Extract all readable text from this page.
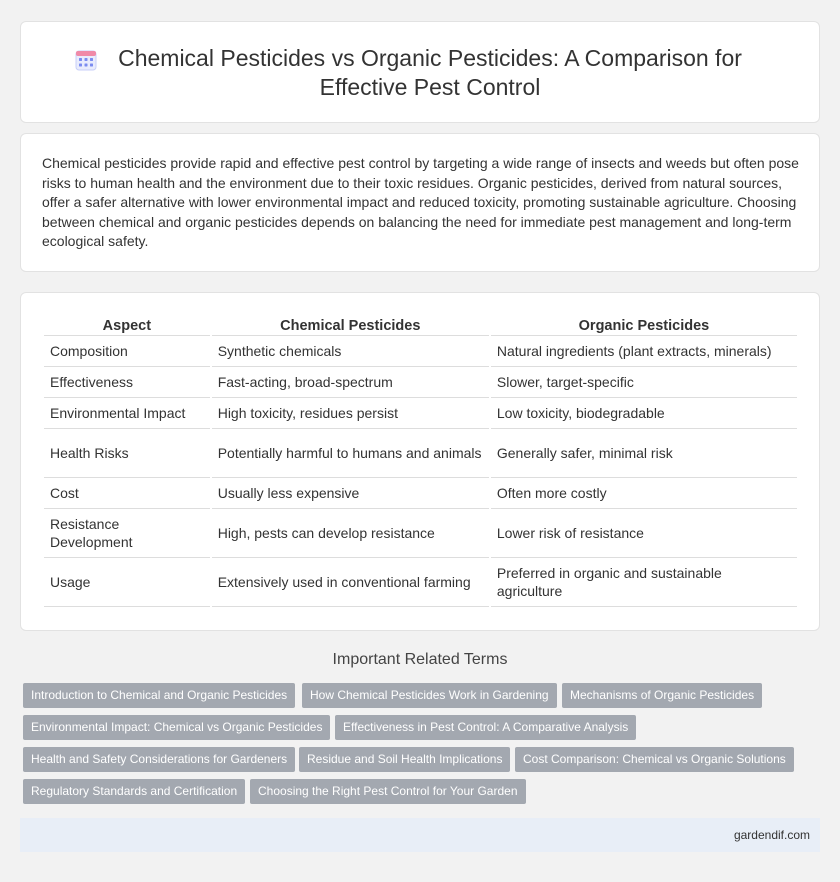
Chemical Pesticides vs Organic Pesticides: A Comparison for Effective Pest Control

Chemical pesticides provide rapid and effective pest control by targeting a wide range of insects and weeds but often pose risks to human health and the environment due to their toxic residues. Organic pesticides, derived from natural sources, offer a safer alternative with lower environmental impact and reduced toxicity, promoting sustainable agriculture. Choosing between chemical and organic pesticides depends on balancing the need for immediate pest management and long-term ecological safety.

Aspect	Chemical Pesticides	Organic Pesticides
Composition	Synthetic chemicals	Natural ingredients (plant extracts, minerals)
Effectiveness	Fast-acting, broad-spectrum	Slower, target-specific
Environmental Impact	High toxicity, residues persist	Low toxicity, biodegradable
Health Risks	Potentially harmful to humans and animals	Generally safer, minimal risk
Cost	Usually less expensive	Often more costly
Resistance Development	High, pests can develop resistance	Lower risk of resistance
Usage	Extensively used in conventional farming	Preferred in organic and sustainable agriculture
Important Related Terms
Introduction to Chemical and Organic Pesticides	How Chemical Pesticides Work in Gardening	Mechanisms of Organic Pesticides
Environmental Impact: Chemical vs Organic Pesticides	Effectiveness in Pest Control: A Comparative Analysis
Health and Safety Considerations for Gardeners	Residue and Soil Health Implications	Cost Comparison: Chemical vs Organic Solutions
Regulatory Standards and Certification	Choosing the Right Pest Control for Your Garden
gardendif.com
